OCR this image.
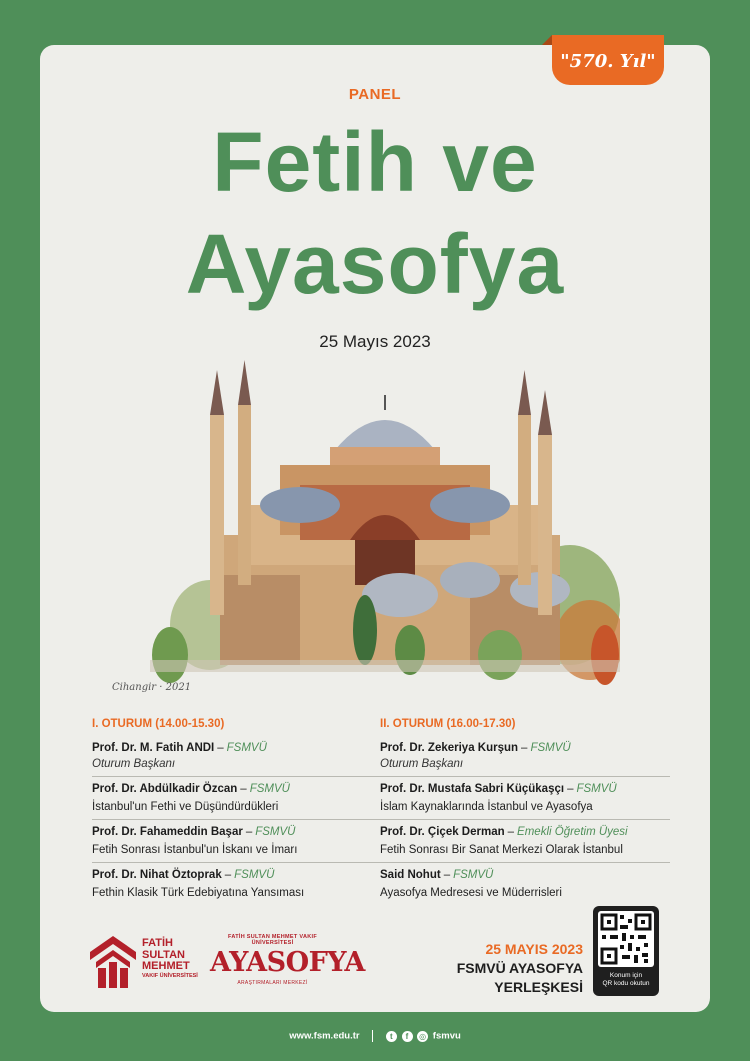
"570. Yıl"
PANEL
Fetih ve
Ayasofya
25 Mayıs 2023
Cihangir · 2021
I. OTURUM (14.00-15.30)
Prof. Dr. M. Fatih ANDI – FSMVÜ
Oturum Başkanı
Prof. Dr. Abdülkadir Özcan – FSMVÜ
İstanbul'un Fethi ve Düşündürdükleri
Prof. Dr. Fahameddin Başar – FSMVÜ
Fetih Sonrası İstanbul'un İskanı ve İmarı
Prof. Dr. Nihat Öztoprak – FSMVÜ
Fethin Klasik Türk Edebiyatına Yansıması
II. OTURUM (16.00-17.30)
Prof. Dr. Zekeriya Kurşun – FSMVÜ
Oturum Başkanı
Prof. Dr. Mustafa Sabri Küçükaşçı – FSMVÜ
İslam Kaynaklarında İstanbul ve Ayasofya
Prof. Dr. Çiçek Derman – Emekli Öğretim Üyesi
Fetih Sonrası Bir Sanat Merkezi Olarak İstanbul
Said Nohut – FSMVÜ
Ayasofya Medresesi ve Müderrisleri
FATİH
SULTAN
MEHMET
VAKIF ÜNİVERSİTESİ
FATİH SULTAN MEHMET VAKIF ÜNİVERSİTESİ
AYASOFYA
ARAŞTIRMALARI MERKEZİ
25 MAYIS 2023
FSMVÜ AYASOFYA
YERLEŞKESİ
Konum için
QR kodu okutun
www.fsm.edu.tr	t f ◎ fsmvu
